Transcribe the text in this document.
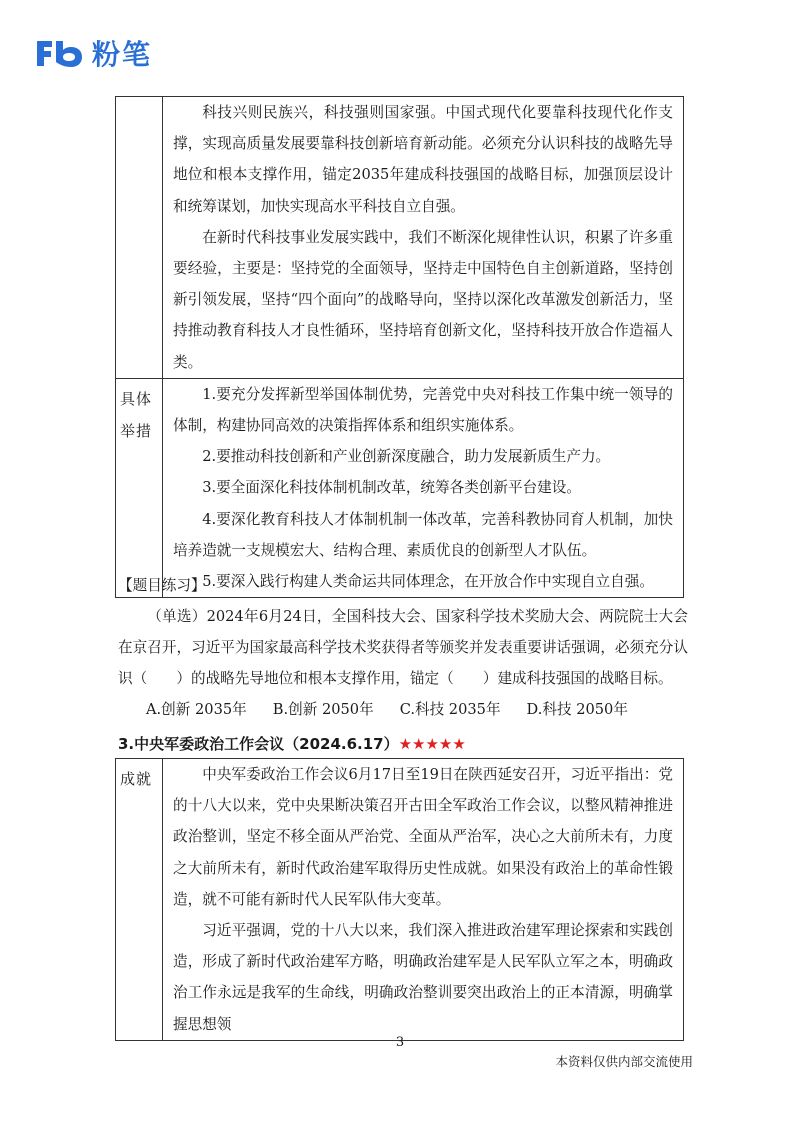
粉笔

	科技兴则民族兴，科技强则国家强。中国式现代化要靠科技现代化作支撑，实现高质量发展要靠科技创新培育新动能。必须充分认识科技的战略先导地位和根本支撑作用，锚定2035年建成科技强国的战略目标，加强顶层设计和统筹谋划，加快实现高水平科技自立自强。

在新时代科技事业发展实践中，我们不断深化规律性认识，积累了许多重要经验，主要是：坚持党的全面领导，坚持走中国特色自主创新道路，坚持创新引领发展，坚持“四个面向”的战略导向，坚持以深化改革激发创新活力，坚持推动教育科技人才良性循环，坚持培育创新文化，坚持科技开放合作造福人类。

具体举措	1.要充分发挥新型举国体制优势，完善党中央对科技工作集中统一领导的体制，构建协同高效的决策指挥体系和组织实施体系。

2.要推动科技创新和产业创新深度融合，助力发展新质生产力。

3.要全面深化科技体制机制改革，统筹各类创新平台建设。

4.要深化教育科技人才体制机制一体改革，完善科教协同育人机制，加快培养造就一支规模宏大、结构合理、素质优良的创新型人才队伍。

5.要深入践行构建人类命运共同体理念，在开放合作中实现自立自强。

【题目练习】

（单选）2024年6月24日，全国科技大会、国家科学技术奖励大会、两院院士大会在京召开，习近平为国家最高科学技术奖获得者等颁奖并发表重要讲话强调，必须充分认识（　　）的战略先导地位和根本支撑作用，锚定（　　）建成科技强国的战略目标。

A.创新 2035年 B.创新 2050年 C.科技 2035年 D.科技 2050年
3.中央军委政治工作会议（2024.6.17）★★★★★
成就	中央军委政治工作会议6月17日至19日在陕西延安召开，习近平指出：党的十八大以来，党中央果断决策召开古田全军政治工作会议，以整风精神推进政治整训，坚定不移全面从严治党、全面从严治军，决心之大前所未有，力度之大前所未有，新时代政治建军取得历史性成就。如果没有政治上的革命性锻造，就不可能有新时代人民军队伟大变革。

习近平强调，党的十八大以来，我们深入推进政治建军理论探索和实践创造，形成了新时代政治建军方略，明确政治建军是人民军队立军之本，明确政治工作永远是我军的生命线，明确政治整训要突出政治上的正本清源，明确掌握思想领

3
本资料仅供内部交流使用
